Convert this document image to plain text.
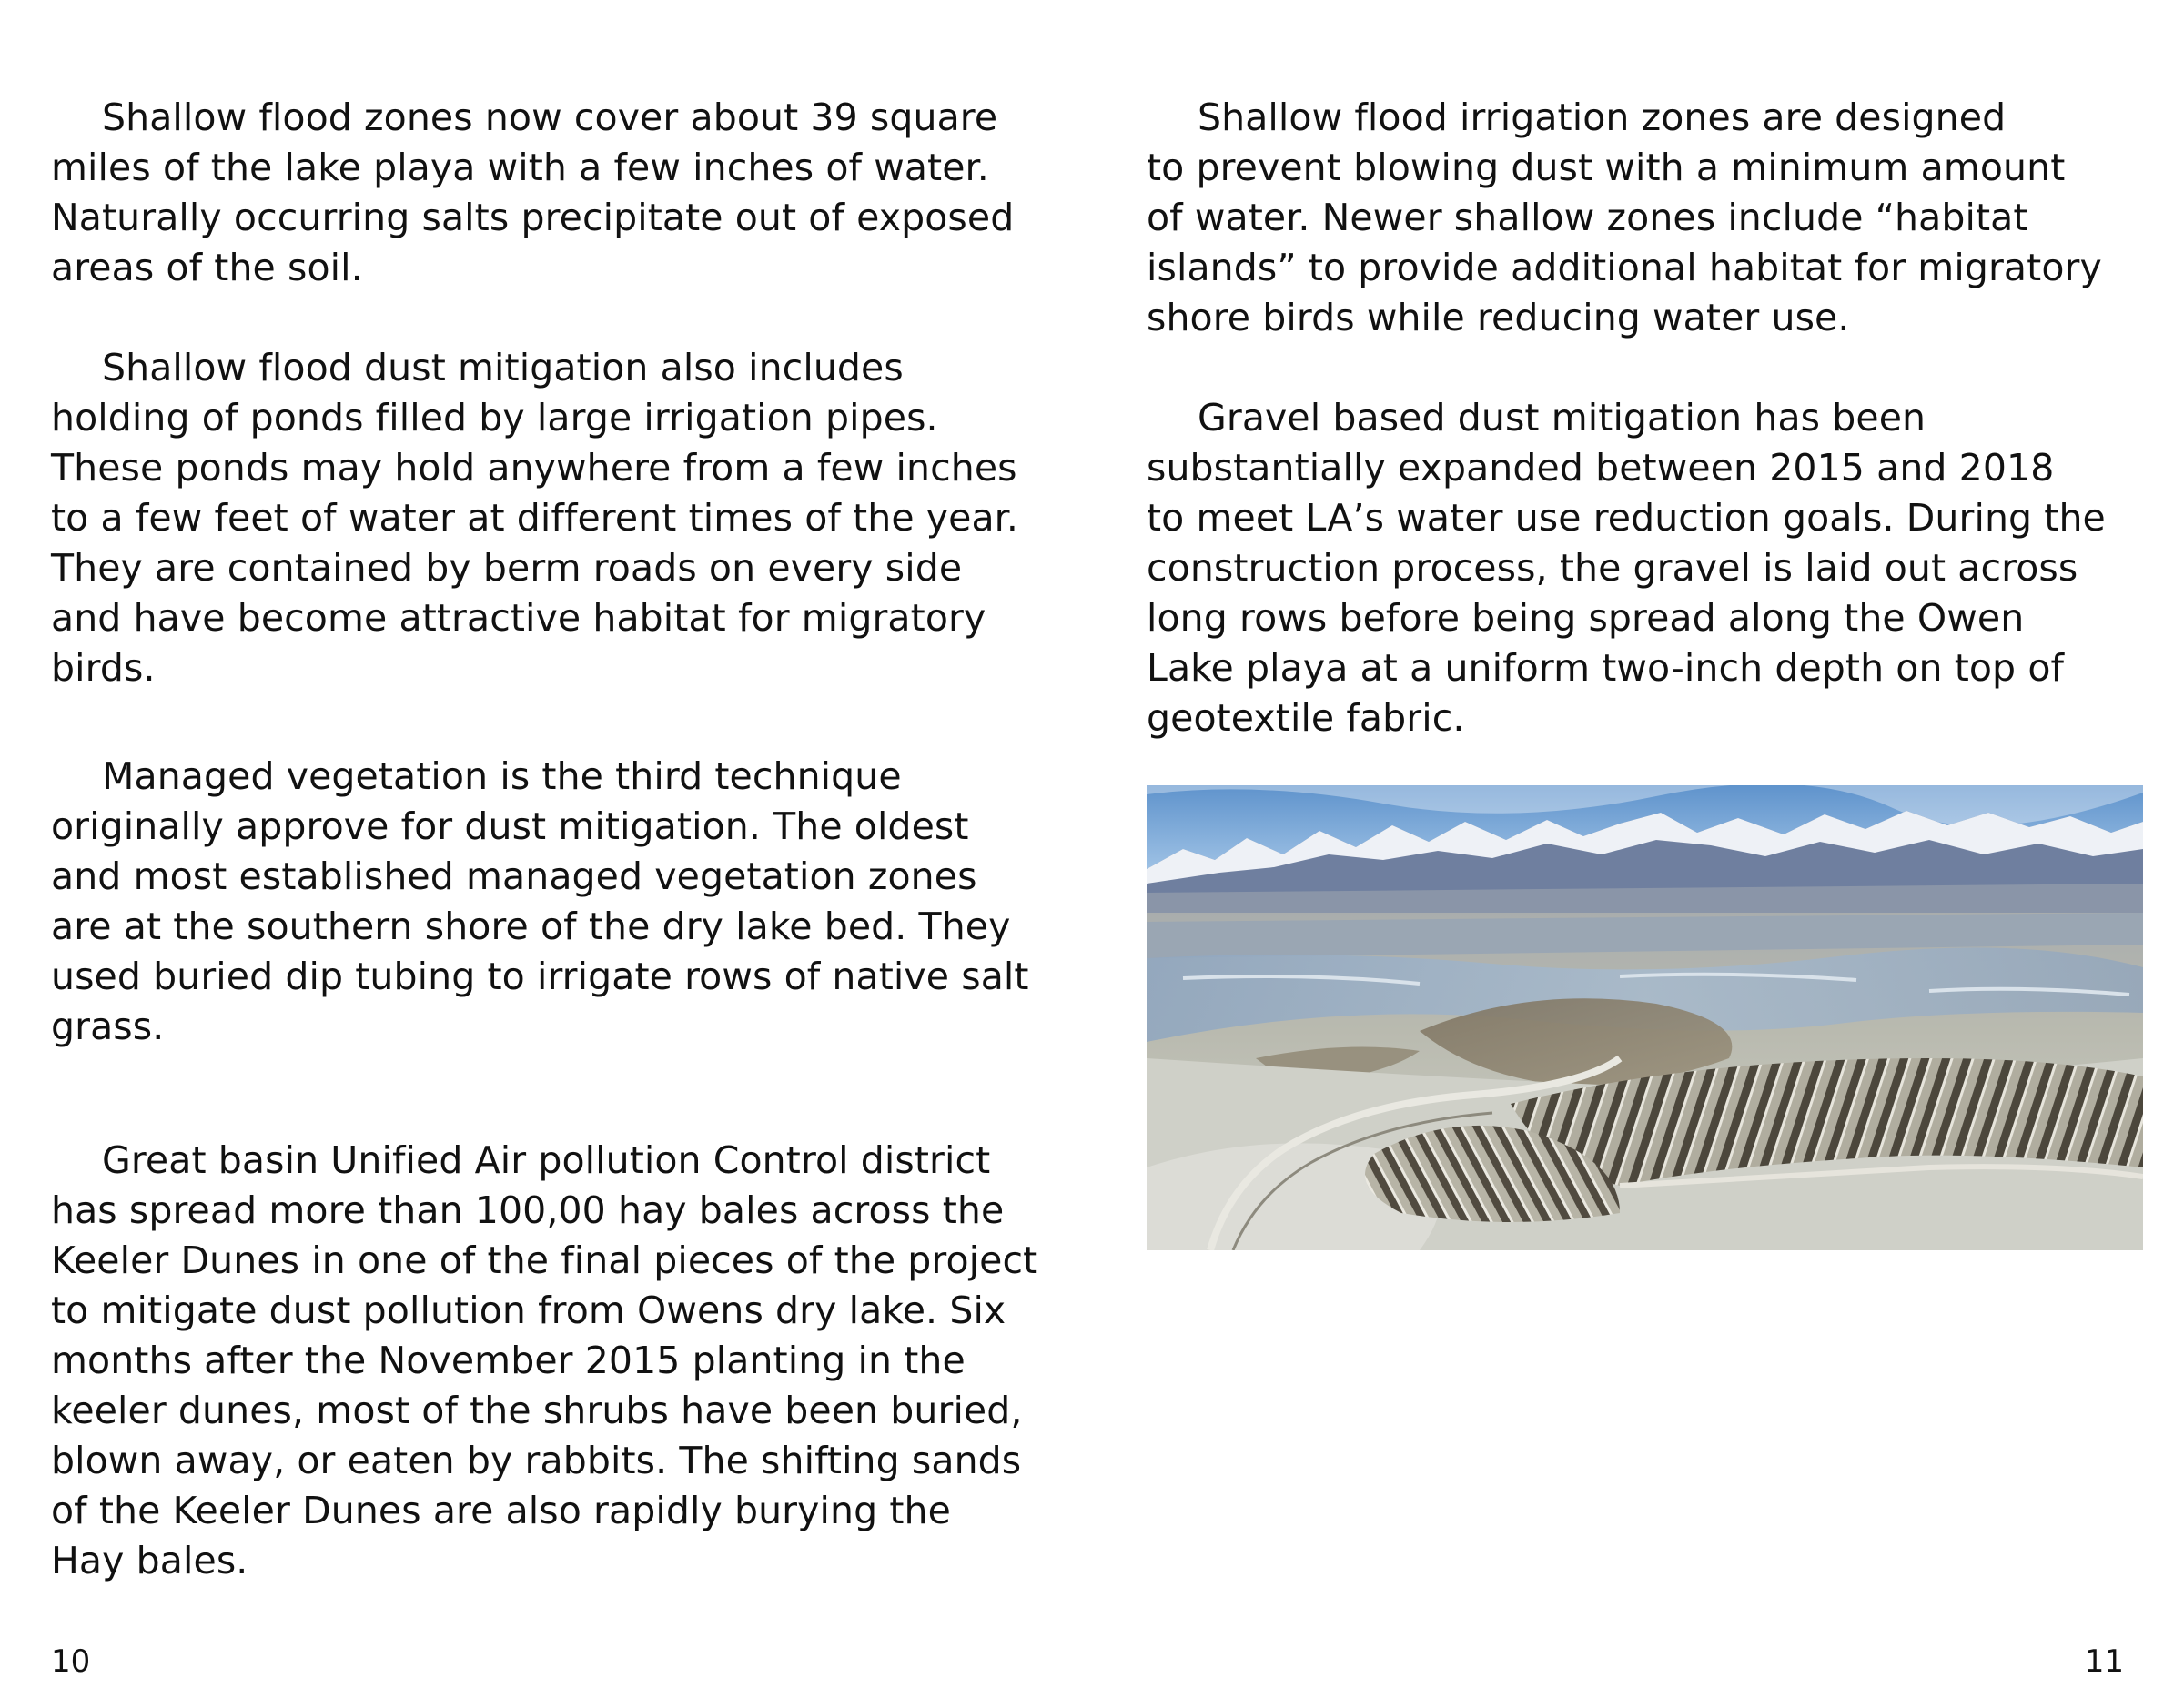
Shallow flood zones now cover about 39 square
miles of the lake playa with a few inches of water.
Naturally occurring salts precipitate out of exposed
areas of the soil.

Shallow flood dust mitigation also includes
holding of ponds filled by large irrigation pipes.
These ponds may hold anywhere from a few inches
to a few feet of water at different times of the year.
They are contained by berm roads on every side
and have become attractive habitat for migratory
birds.

Managed vegetation is the third technique
originally approve for dust mitigation. The oldest
and most established managed vegetation zones
are at the southern shore of the dry lake bed. They
used buried dip tubing to irrigate rows of native salt
grass.

Great basin Unified Air pollution Control district
has spread more than 100,00 hay bales across the
Keeler Dunes in one of the final pieces of the project
to mitigate dust pollution from Owens dry lake. Six
months after the November 2015 planting in the
keeler dunes, most of the shrubs have been buried,
blown away, or eaten by rabbits. The shifting sands
of the Keeler Dunes are also rapidly burying the
Hay bales.

10

Shallow flood irrigation zones are designed
to prevent blowing dust with a minimum amount
of water. Newer shallow zones include “habitat
islands” to provide additional habitat for migratory
shore birds while reducing water use.

Gravel based dust mitigation has been
substantially expanded between 2015 and 2018
to meet LA’s water use reduction goals. During the
construction process, the gravel is laid out across
long rows before being spread along the Owen
Lake playa at a uniform two-inch depth on top of
geotextile fabric.

11
